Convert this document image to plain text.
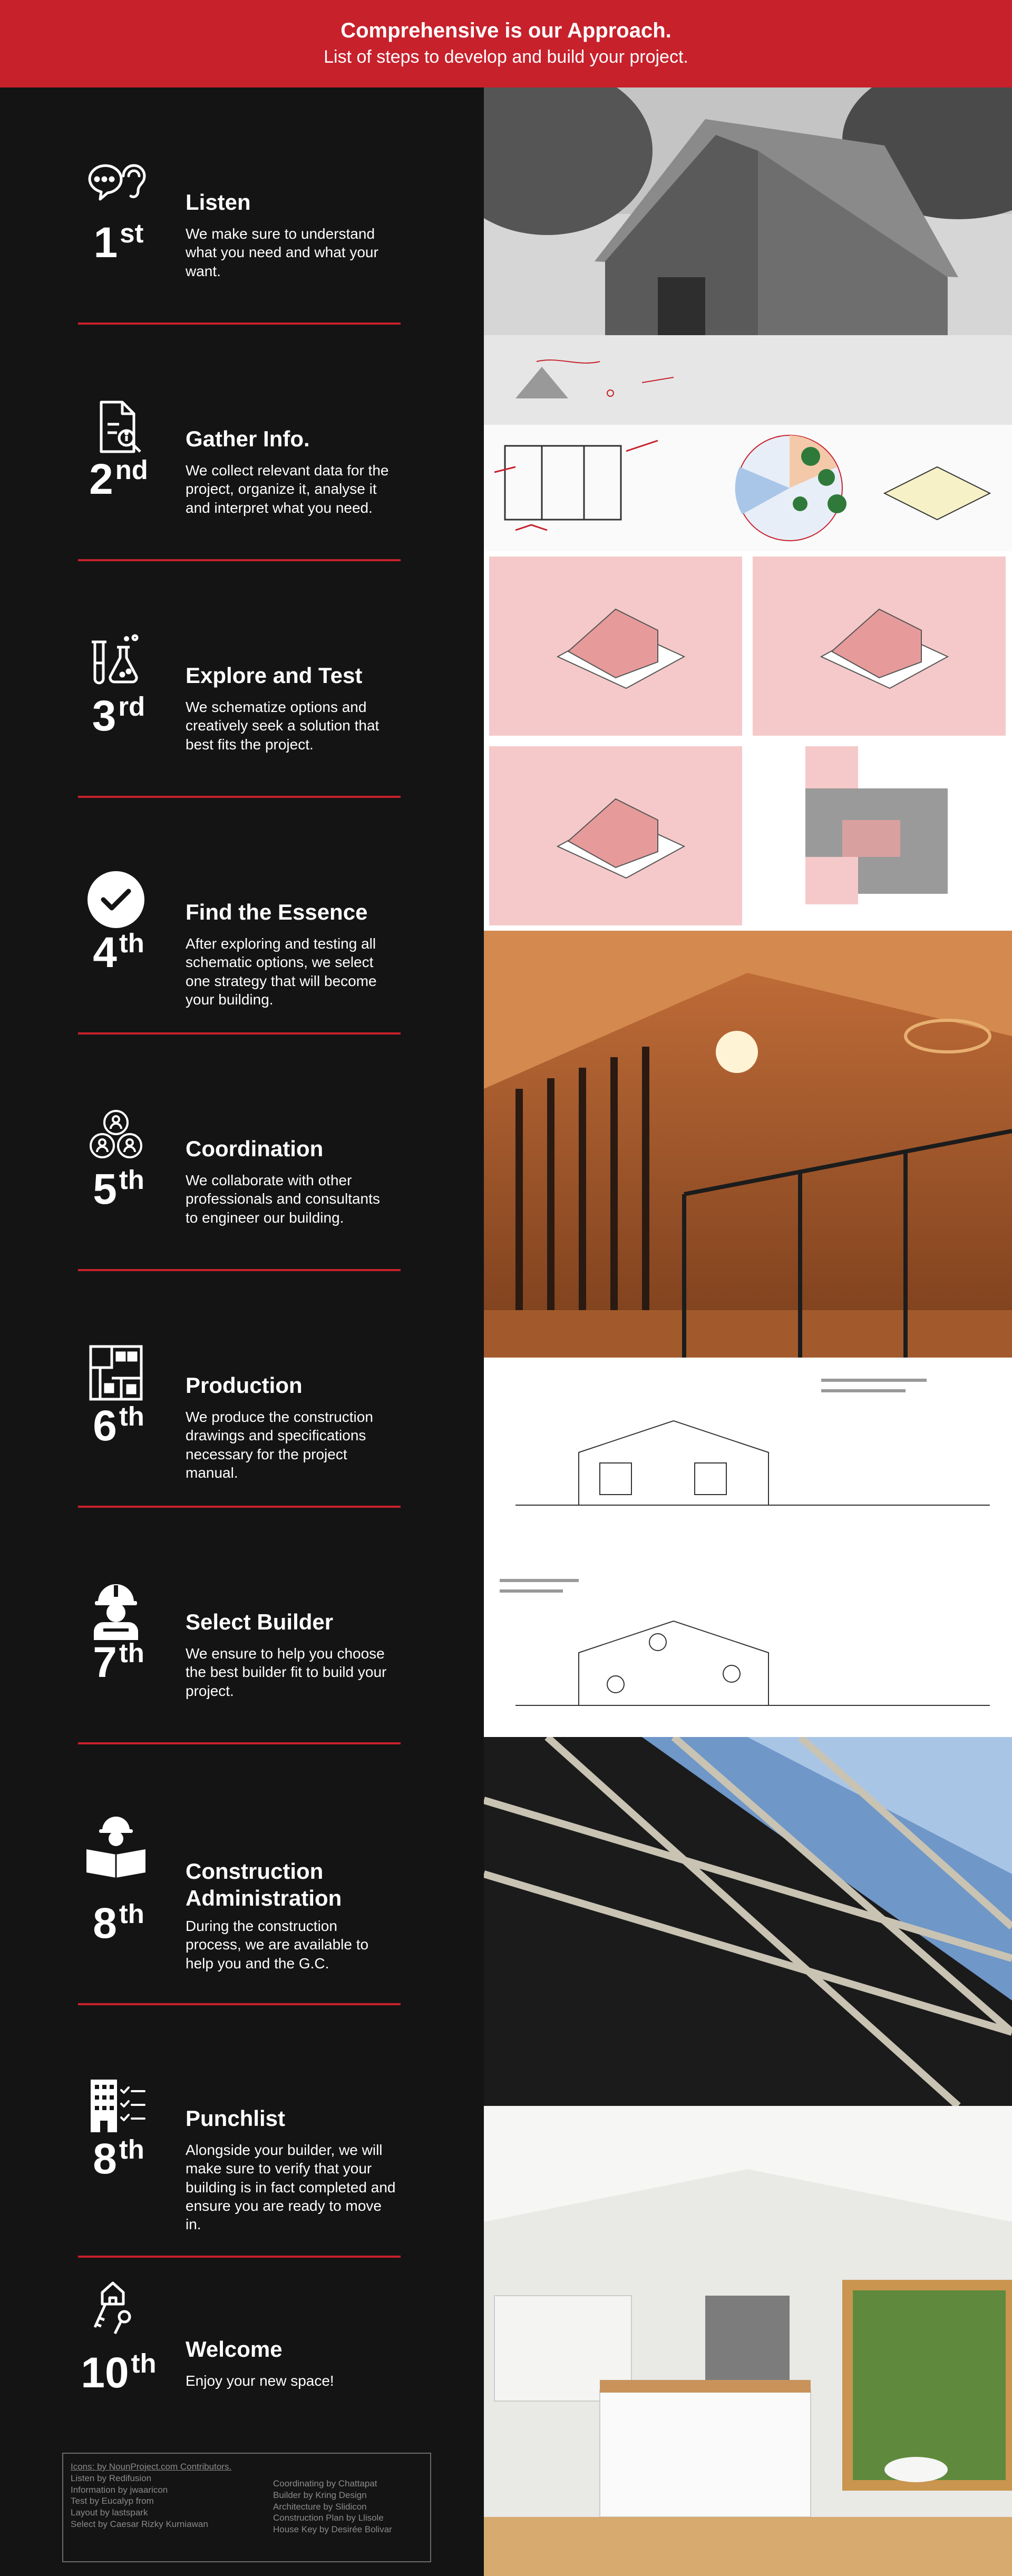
Comprehensive is our Approach.

List of steps to develop and build your project.

1st
Listen
We make sure to understand what you need and what your want.
2nd
Gather Info.
We collect relevant data for the project, organize it, analyse it and interpret what you need.
3rd
Explore and Test
We schematize options and creatively seek a solution that best fits the project.
4th
Find the Essence
After exploring and testing all schematic options, we select one strategy that will become your building.
5th
Coordination
We collaborate with other professionals and consultants to engineer our building.
6th
Production
We produce the construction drawings and specifications necessary for the project manual.
7th
Select Builder
We ensure to help you choose the best builder fit to build your project.
8th
Construction Administration
During the construction process, we are available to help you and the G.C.
8th
Punchlist
Alongside your builder, we will make sure to verify that your building is in fact completed and ensure you are ready to move in.
10th	Welcome
Enjoy your new space!
Icons: by NounProject.com Contributors.
Listen by Redifusion
Information by jwaaricon
Test by Eucalyp from
Layout by lastspark
Select by Caesar Rizky Kurniawan
Coordinating by Chattapat
Builder by Kring Design
Architecture by Slidicon
Construction Plan by Llisole
House Key by Desirée Bolivar
